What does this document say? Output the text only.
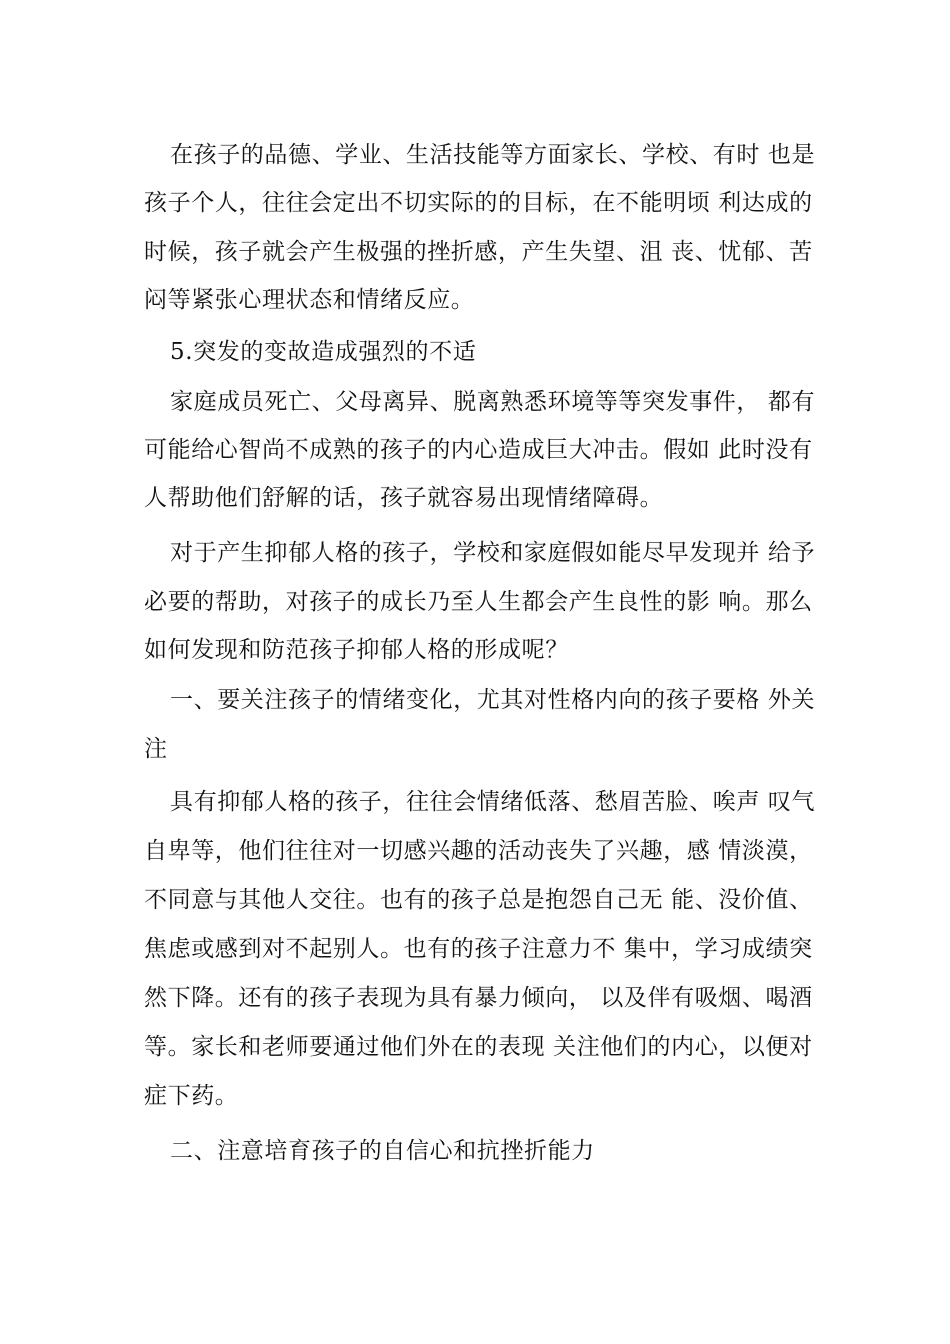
在孩子的品德、学业、生活技能等方面家长、学校、有时 也是
孩子个人，往往会定出不切实际的的目标，在不能明顷 利达成的
时候，孩子就会产生极强的挫折感，产生失望、沮 丧、忧郁、苦
闷等紧张心理状态和情绪反应。
5.突发的变故造成强烈的不适
家庭成员死亡、父母离异、脱离熟悉环境等等突发事件， 都有
可能给心智尚不成熟的孩子的内心造成巨大冲击。假如 此时没有
人帮助他们舒解的话，孩子就容易出现情绪障碍。
对于产生抑郁人格的孩子，学校和家庭假如能尽早发现并 给予
必要的帮助，对孩子的成长乃至人生都会产生良性的影 响。那么
如何发现和防范孩子抑郁人格的形成呢？
一、要关注孩子的情绪变化，尤其对性格内向的孩子要格 外关
注
具有抑郁人格的孩子，往往会情绪低落、愁眉苦脸、唉声 叹气
自卑等，他们往往对一切感兴趣的活动丧失了兴趣，感 情淡漠，
不同意与其他人交往。也有的孩子总是抱怨自己无 能、没价值、
焦虑或感到对不起别人。也有的孩子注意力不 集中，学习成绩突
然下降。还有的孩子表现为具有暴力倾向， 以及伴有吸烟、喝酒
等。家长和老师要通过他们外在的表现 关注他们的内心，以便对
症下药。
二、注意培育孩子的自信心和抗挫折能力
